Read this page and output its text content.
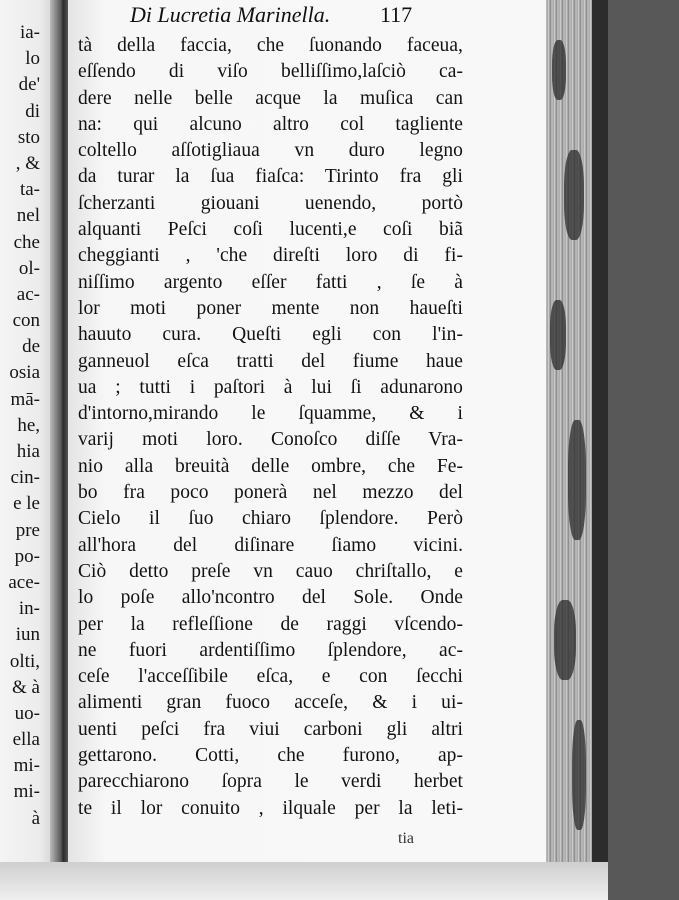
ia-
lo
de'
di
sto
, &
ta-
nel
che
ol-
ac-
con
de
osia
mā-
he,
hia
cin-
e le
pre
po-
ace-
in-
iun
olti,
& à
uo-
ella
mi-
mi-
à
Di Lucretia Marinella. 117
tà della faccia, che ſuonando faceua,
eſſendo di viſo belliſſimo,laſciò ca-
dere nelle belle acque la muſica can
na: qui alcuno altro col tagliente
coltello aſſotigliaua vn duro legno
da turar la ſua fiaſca: Tirinto fra gli
ſcherzanti giouani uenendo, portò
alquanti Peſci coſi lucenti,e coſi biã
cheggianti , 'che direſti loro di fi-
niſſimo argento eſſer fatti , ſe à
lor moti poner mente non haueſti
hauuto cura. Queſti egli con l'in-
ganneuol eſca tratti del fiume haue
ua ; tutti i paſtori à lui ſi adunarono
d'intorno,mirando le ſquamme, & i
varij moti loro. Conoſco diſſe Vra-
nio alla breuità delle ombre, che Fe-
bo fra poco ponerà nel mezzo del
Cielo il ſuo chiaro ſplendore. Però
all'hora del diſinare ſiamo vicini.
Ciò detto preſe vn cauo chriſtallo, e
lo poſe allo'ncontro del Sole. Onde
per la refleſſione de raggi vſcendo-
ne fuori ardentiſſimo ſplendore, ac-
ceſe l'acceſſibile eſca, e con ſecchi
alimenti gran fuoco acceſe, & i ui-
uenti peſci fra viui carboni gli altri
gettarono. Cotti, che furono, ap-
parecchiarono ſopra le verdi herbet
te il lor conuito , ilquale per la leti-
tia
